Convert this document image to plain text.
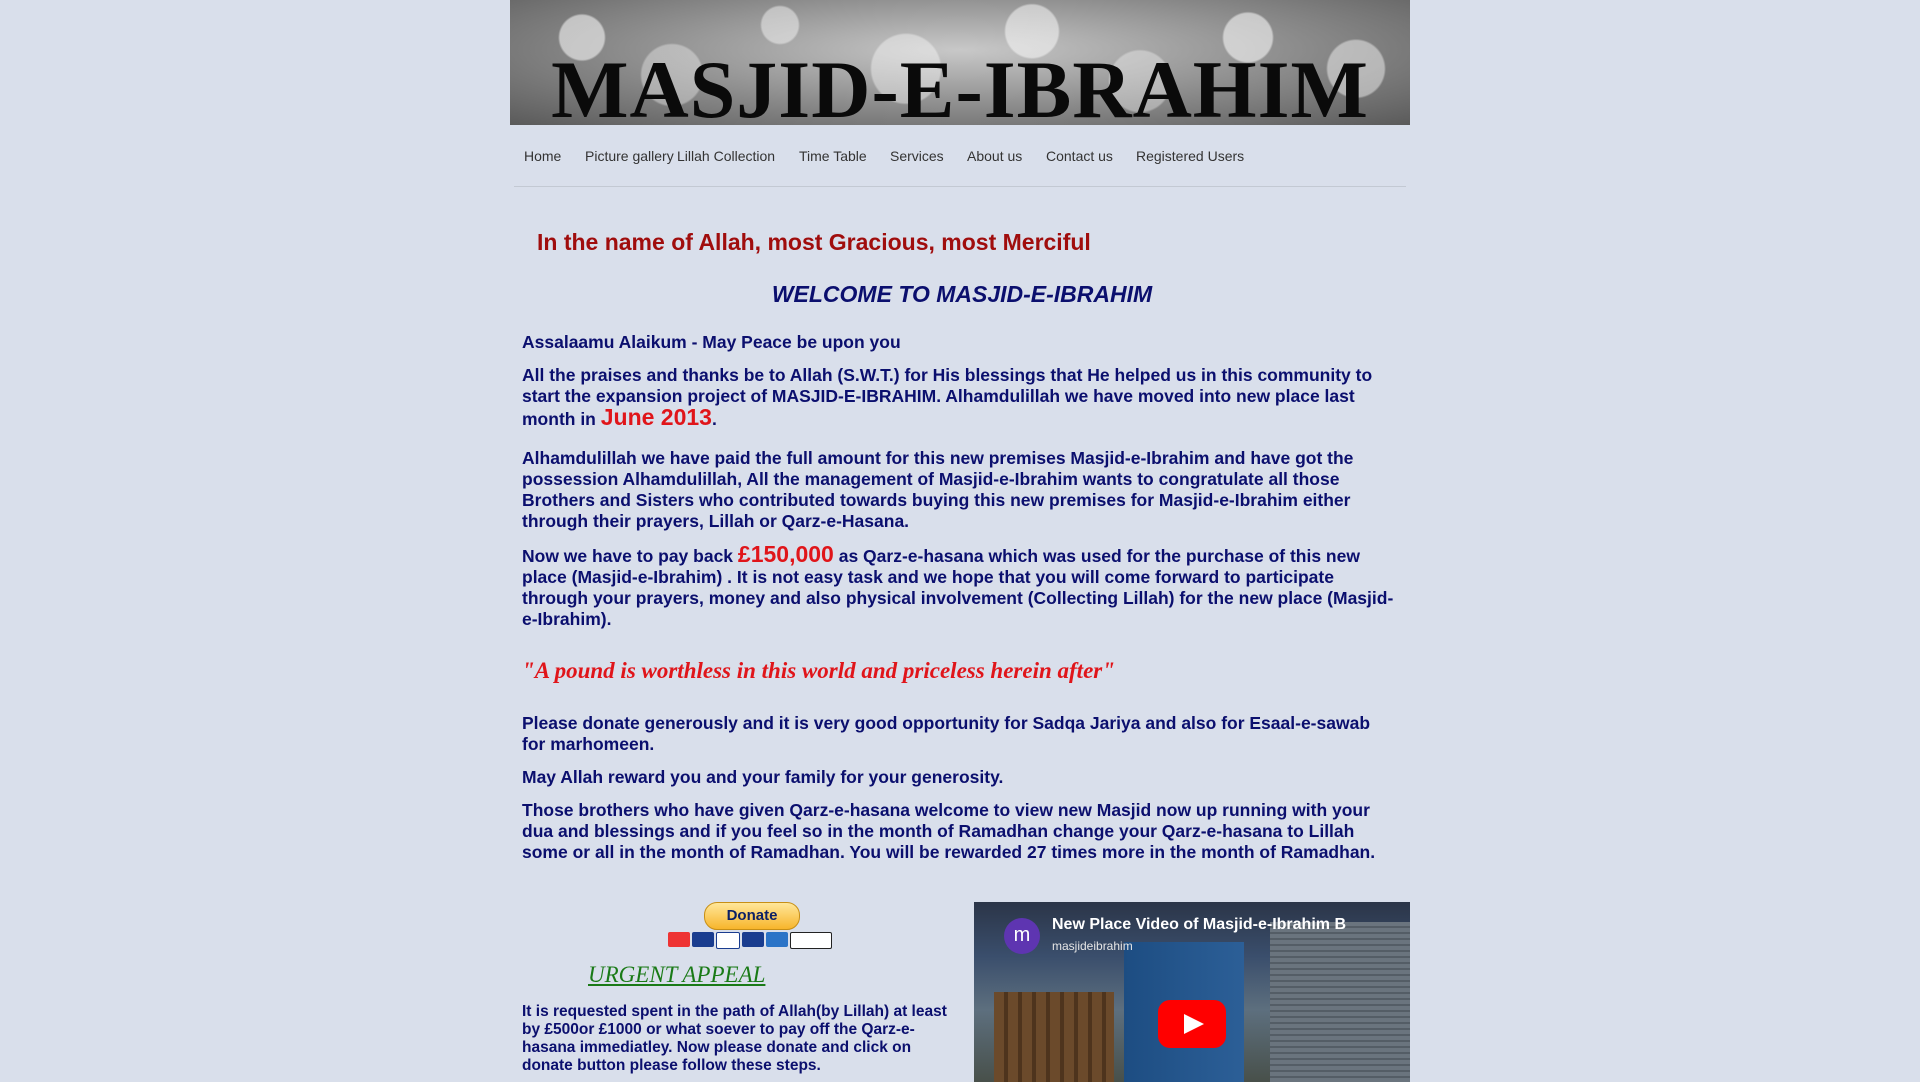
MASJID-E-IBRAHIM
Home Picture gallery Lillah Collection Time Table Services About us Contact us Registered Users
In the name of Allah, most Gracious, most Merciful
WELCOME TO MASJID-E-IBRAHIM
Assalaamu Alaikum - May Peace be upon you
All the praises and thanks be to Allah (S.W.T.) for His blessings that He helped us in this community to start the expansion project of MASJID-E-IBRAHIM. Alhamdulillah we have moved into new place last month in June 2013.
Alhamdulillah we have paid the full amount for this new premises Masjid-e-Ibrahim and have got the possession Alhamdulillah, All the management of Masjid-e-Ibrahim wants to congratulate all those Brothers and Sisters who contributed towards buying this new premises for Masjid-e-Ibrahim either through their prayers, Lillah or Qarz-e-Hasana.
Now we have to pay back £150,000 as Qarz-e-hasana which was used for the purchase of this new place (Masjid-e-Ibrahim) . It is not easy task and we hope that you will come forward to participate through your prayers, money and also physical involvement (Collecting Lillah) for the new place (Masjid-e-Ibrahim).
"A pound is worthless in this world and priceless herein after"
Please donate generously and it is very good opportunity for Sadqa Jariya and also for Esaal-e-sawab for marhomeen.
May Allah reward you and your family for your generosity.
Those brothers who have given Qarz-e-hasana welcome to view new Masjid now up running with your dua and blessings and if you feel so in the month of Ramadhan change your Qarz-e-hasana to Lillah some or all in the month of Ramadhan. You will be rewarded 27 times more in the month of Ramadhan.
Donate
URGENT APPEAL
It is requested spent in the path of Allah(by Lillah) at least by £500or £1000 or what soever to pay off the Qarz-e-hasana immediatley. Now please donate and click on donate button please follow these steps.
m	New Place Video of Masjid-e-Ibrahim B
masjideibrahim
